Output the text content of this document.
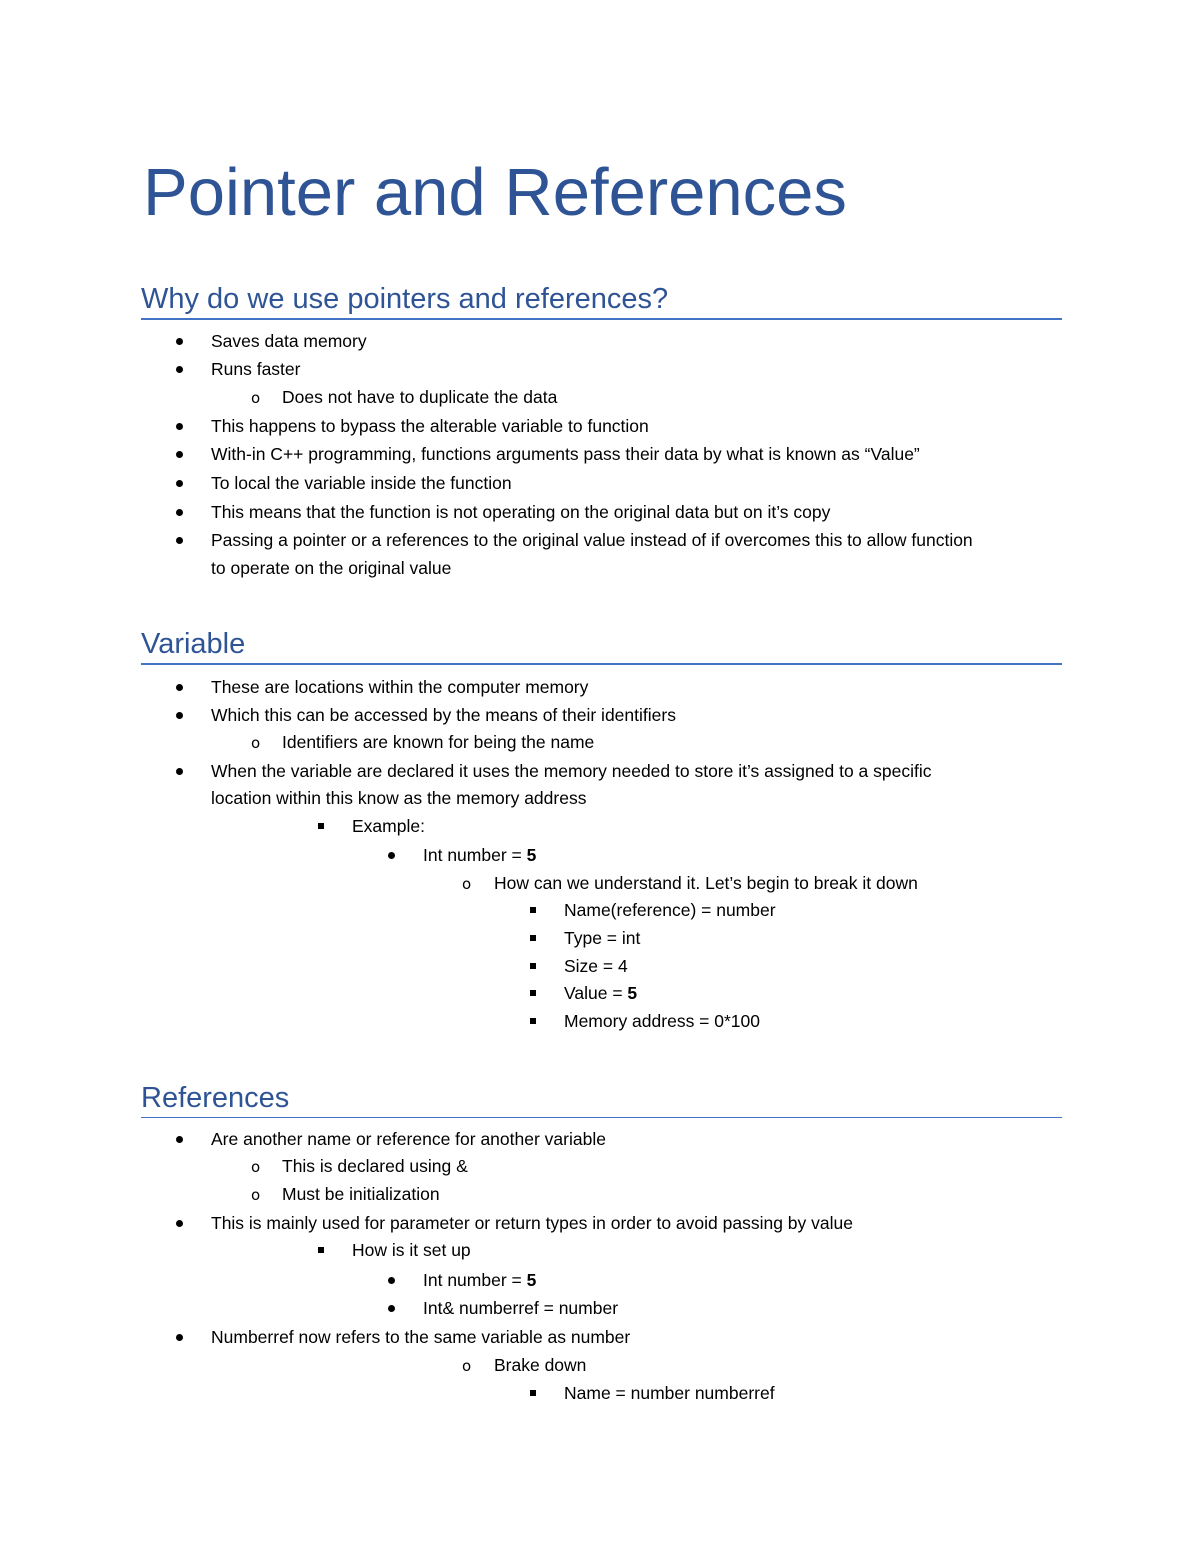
Pointer and References
Why do we use pointers and references?
Saves data memory
Runs faster
o Does not have to duplicate the data
This happens to bypass the alterable variable to function
With-in C++ programming, functions arguments pass their data by what is known as “Value”
To local the variable inside the function
This means that the function is not operating on the original data but on it’s copy
Passing a pointer or a references to the original value instead of if overcomes this to allow function
to operate on the original value
Variable
These are locations within the computer memory
Which this can be accessed by the means of their identifiers
o Identifiers are known for being the name
When the variable are declared it uses the memory needed to store it’s assigned to a specific
location within this know as the memory address
Example:
Int number = 5
o How can we understand it. Let’s begin to break it down
Name(reference) = number
Type = int
Size = 4
Value = 5
Memory address = 0*100
References
Are another name or reference for another variable
o This is declared using &
o Must be initialization
This is mainly used for parameter or return types in order to avoid passing by value
How is it set up
Int number = 5
Int& numberref = number
Numberref now refers to the same variable as number
o Brake down
Name = number numberref
